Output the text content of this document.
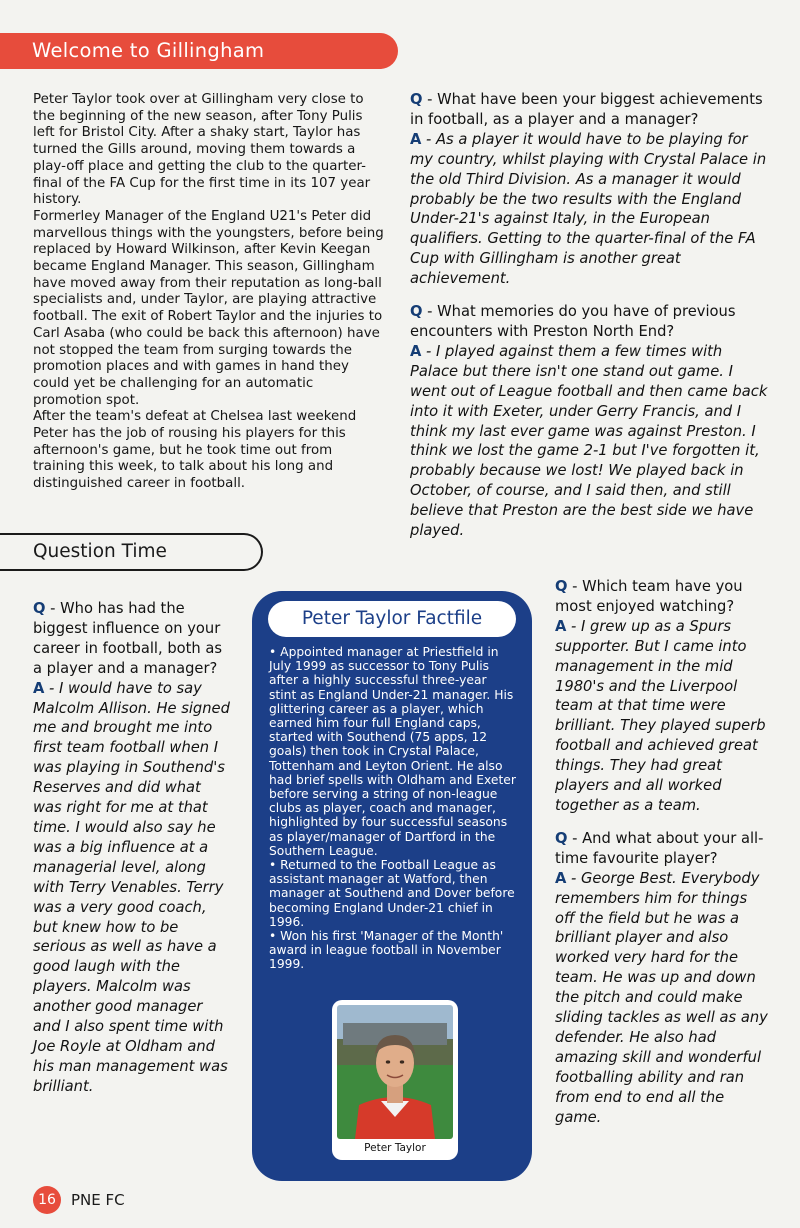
Welcome to Gillingham

Peter Taylor took over at Gillingham very close to the beginning of the new season, after Tony Pulis left for Bristol City. After a shaky start, Taylor has turned the Gills around, moving them towards a play-off place and getting the club to the quarter-final of the FA Cup for the first time in its 107 year history.

Formerley Manager of the England U21's Peter did marvellous things with the youngsters, before being replaced by Howard Wilkinson, after Kevin Keegan became England Manager. This season, Gillingham have moved away from their reputation as long-ball specialists and, under Taylor, are playing attractive football. The exit of Robert Taylor and the injuries to Carl Asaba (who could be back this afternoon) have not stopped the team from surging towards the promotion places and with games in hand they could yet be challenging for an automatic promotion spot.

After the team's defeat at Chelsea last weekend Peter has the job of rousing his players for this afternoon's game, but he took time out from training this week, to talk about his long and distinguished career in football.

Question Time

Q - What have been your biggest achievements in football, as a player and a manager?

A - As a player it would have to be playing for my country, whilst playing with Crystal Palace in the old Third Division. As a manager it would probably be the two results with the England Under-21's against Italy, in the European qualifiers. Getting to the quarter-final of the FA Cup with Gillingham is another great achievement.

Q - What memories do you have of previous encounters with Preston North End?

A - I played against them a few times with Palace but there isn't one stand out game. I went out of League football and then came back into it with Exeter, under Gerry Francis, and I think my last ever game was against Preston. I think we lost the game 2-1 but I've forgotten it, probably because we lost! We played back in October, of course, and I said then, and still believe that Preston are the best side we have played.

Q - Who has had the biggest influence on your career in football, both as a player and a manager?

A - I would have to say Malcolm Allison. He signed me and brought me into first team football when I was playing in Southend's Reserves and did what was right for me at that time. I would also say he was a big influence at a managerial level, along with Terry Venables. Terry was a very good coach, but knew how to be serious as well as have a good laugh with the players. Malcolm was another good manager and I also spent time with Joe Royle at Oldham and his man management was brilliant.

Peter Taylor Factfile

• Appointed manager at Priestfield in July 1999 as successor to Tony Pulis after a highly successful three-year stint as England Under-21 manager. His glittering career as a player, which earned him four full England caps, started with Southend (75 apps, 12 goals) then took in Crystal Palace, Tottenham and Leyton Orient. He also had brief spells with Oldham and Exeter before serving a string of non-league clubs as player, coach and manager, highlighted by four successful seasons as player/manager of Dartford in the Southern League.

• Returned to the Football League as assistant manager at Watford, then manager at Southend and Dover before becoming England Under-21 chief in 1996.

• Won his first 'Manager of the Month' award in league football in November 1999.

Peter Taylor

Q - Which team have you most enjoyed watching?

A - I grew up as a Spurs supporter. But I came into management in the mid 1980's and the Liverpool team at that time were brilliant. They played superb football and achieved great things. They had great players and all worked together as a team.

Q - And what about your all-time favourite player?

A - George Best. Everybody remembers him for things off the field but he was a brilliant player and also worked very hard for the team. He was up and down the pitch and could make sliding tackles as well as any defender. He also had amazing skill and wonderful footballing ability and ran from end to end all the game.

16	PNE FC
